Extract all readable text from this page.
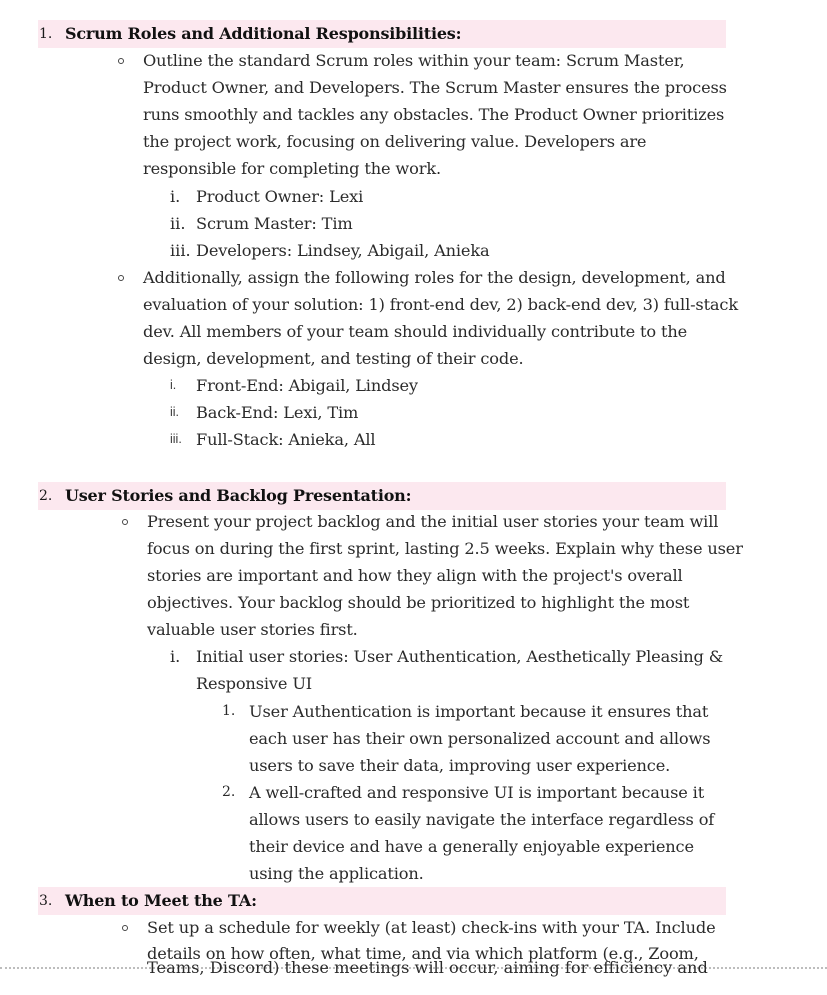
1. Scrum Roles and Additional Responsibilities:
Outline the standard Scrum roles within your team: Scrum Master,
Product Owner, and Developers. The Scrum Master ensures the process
runs smoothly and tackles any obstacles. The Product Owner prioritizes
the project work, focusing on delivering value. Developers are
responsible for completing the work.
i. Product Owner: Lexi
ii. Scrum Master: Tim
iii. Developers: Lindsey, Abigail, Anieka
Additionally, assign the following roles for the design, development, and
evaluation of your solution: 1) front-end dev, 2) back-end dev, 3) full-stack
dev. All members of your team should individually contribute to the
design, development, and testing of their code.
i. Front-End: Abigail, Lindsey
ii. Back-End: Lexi, Tim
iii. Full-Stack: Anieka, All
2. User Stories and Backlog Presentation:
Present your project backlog and the initial user stories your team will
focus on during the first sprint, lasting 2.5 weeks. Explain why these user
stories are important and how they align with the project's overall
objectives. Your backlog should be prioritized to highlight the most
valuable user stories first.
i. Initial user stories: User Authentication, Aesthetically Pleasing &
Responsive UI
1. User Authentication is important because it ensures that
each user has their own personalized account and allows
users to save their data, improving user experience.
2. A well-crafted and responsive UI is important because it
allows users to easily navigate the interface regardless of
their device and have a generally enjoyable experience
using the application.
3. When to Meet the TA:
Set up a schedule for weekly (at least) check-ins with your TA. Include
details on how often, what time, and via which platform (e.g., Zoom,
Teams, Discord) these meetings will occur, aiming for efficiency and
